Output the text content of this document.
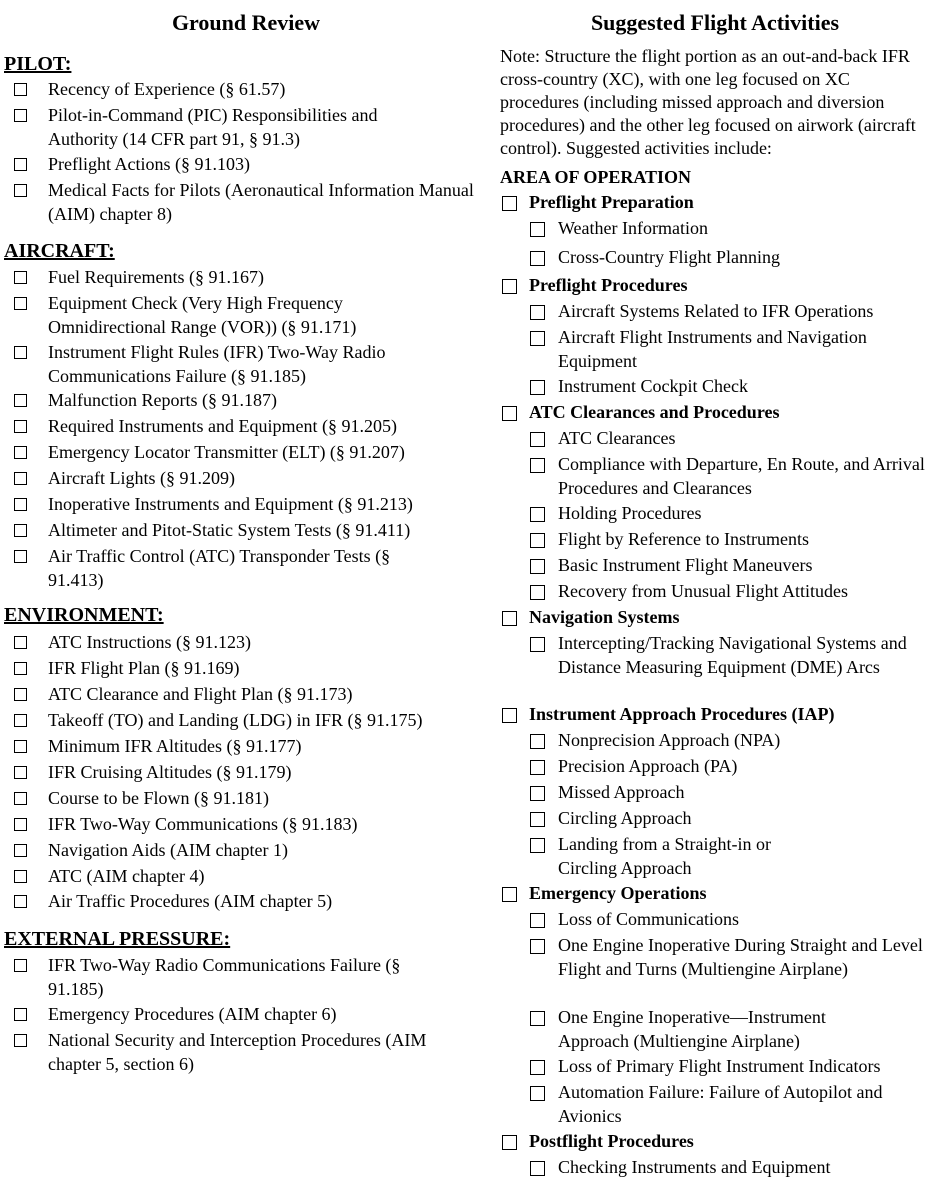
Ground Review
PILOT:
Recency of Experience (§ 61.57)
Pilot-in-Command (PIC) Responsibilities and Authority (14 CFR part 91, § 91.3)
Preflight Actions (§ 91.103)
Medical Facts for Pilots (Aeronautical Information Manual (AIM) chapter 8)
AIRCRAFT:
Fuel Requirements (§ 91.167)
Equipment Check (Very High Frequency Omnidirectional Range (VOR)) (§ 91.171)
Instrument Flight Rules (IFR) Two-Way Radio Communications Failure (§ 91.185)
Malfunction Reports (§ 91.187)
Required Instruments and Equipment (§ 91.205)
Emergency Locator Transmitter (ELT) (§ 91.207)
Aircraft Lights (§ 91.209)
Inoperative Instruments and Equipment (§ 91.213)
Altimeter and Pitot-Static System Tests (§ 91.411)
Air Traffic Control (ATC) Transponder Tests (§ 91.413)
ENVIRONMENT:
ATC Instructions (§ 91.123)
IFR Flight Plan (§ 91.169)
ATC Clearance and Flight Plan (§ 91.173)
Takeoff (TO) and Landing (LDG) in IFR (§ 91.175)
Minimum IFR Altitudes (§ 91.177)
IFR Cruising Altitudes (§ 91.179)
Course to be Flown (§ 91.181)
IFR Two-Way Communications (§ 91.183)
Navigation Aids (AIM chapter 1)
ATC (AIM chapter 4)
Air Traffic Procedures (AIM chapter 5)
EXTERNAL PRESSURE:
IFR Two-Way Radio Communications Failure (§ 91.185)
Emergency Procedures (AIM chapter 6)
National Security and Interception Procedures (AIM chapter 5, section 6)
Suggested Flight Activities
Note: Structure the flight portion as an out-and-back IFR cross-country (XC), with one leg focused on XC procedures (including missed approach and diversion procedures) and the other leg focused on airwork (aircraft control). Suggested activities include:
AREA OF OPERATION
Preflight Preparation
Weather Information
Cross-Country Flight Planning
Preflight Procedures
Aircraft Systems Related to IFR Operations
Aircraft Flight Instruments and Navigation Equipment
Instrument Cockpit Check
ATC Clearances and Procedures
ATC Clearances
Compliance with Departure, En Route, and Arrival Procedures and Clearances
Holding Procedures
Flight by Reference to Instruments
Basic Instrument Flight Maneuvers
Recovery from Unusual Flight Attitudes
Navigation Systems
Intercepting/Tracking Navigational Systems and Distance Measuring Equipment (DME) Arcs
Instrument Approach Procedures (IAP)
Nonprecision Approach (NPA)
Precision Approach (PA)
Missed Approach
Circling Approach
Landing from a Straight-in or Circling Approach
Emergency Operations
Loss of Communications
One Engine Inoperative During Straight and Level Flight and Turns (Multiengine Airplane)
One Engine Inoperative—Instrument Approach (Multiengine Airplane)
Loss of Primary Flight Instrument Indicators
Automation Failure: Failure of Autopilot and Avionics
Postflight Procedures
Checking Instruments and Equipment
